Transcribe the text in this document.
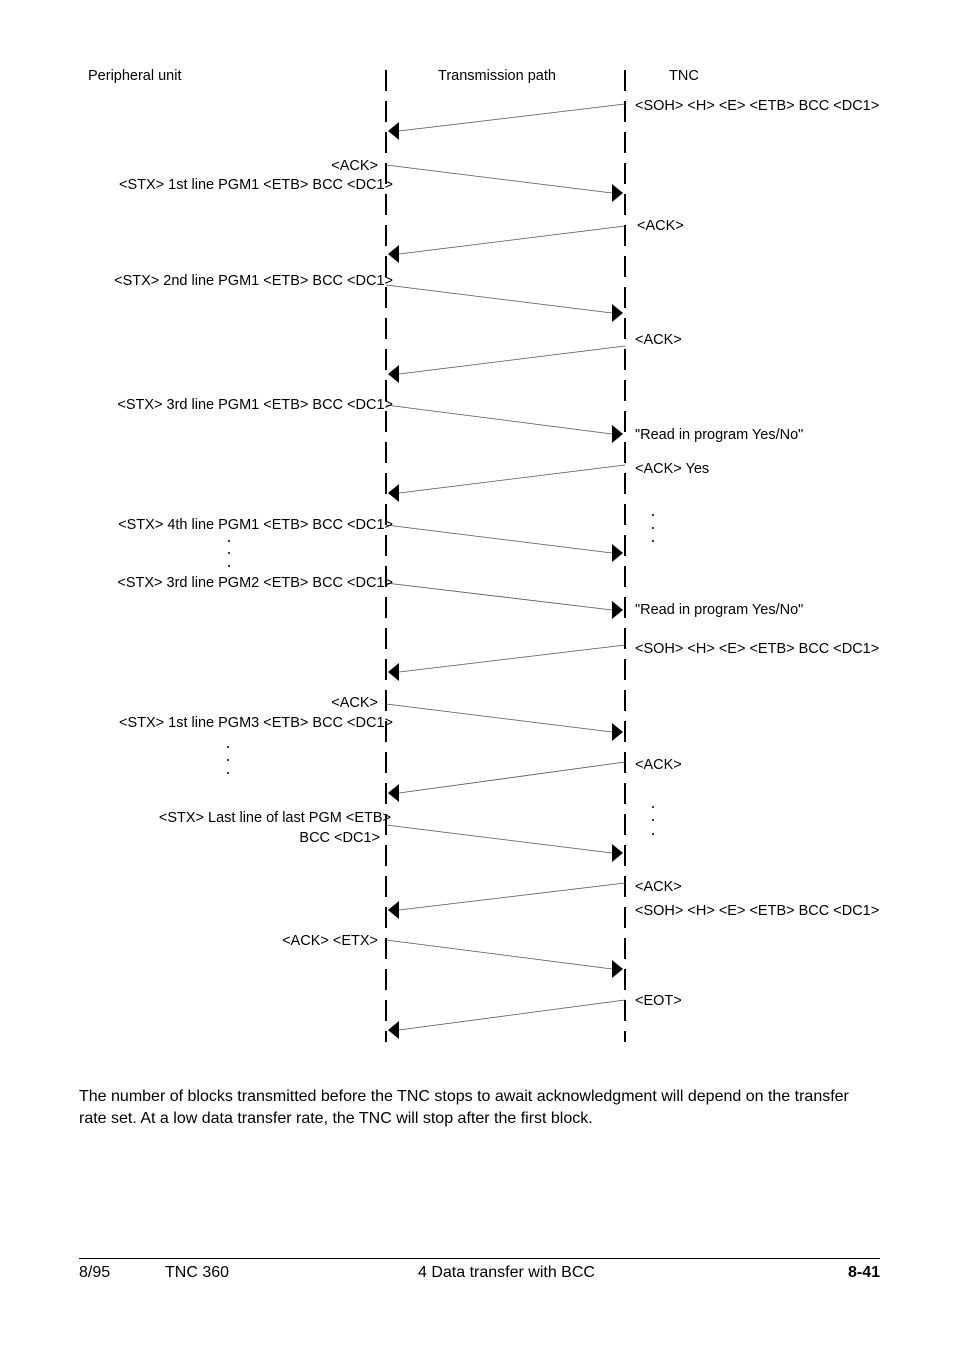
Peripheral unit	Transmission path	TNC
<ACK>
<STX> 1st line PGM1 <ETB> BCC <DC1>
<STX> 2nd line PGM1 <ETB> BCC <DC1>
<STX> 3rd line PGM1 <ETB> BCC <DC1>
<STX> 4th line PGM1 <ETB> BCC <DC1>
<STX> 3rd line PGM2 <ETB> BCC <DC1>
<ACK>
<STX> 1st line PGM3 <ETB> BCC <DC1>
<STX> Last line of last PGM <ETB>
BCC <DC1>
<ACK> <ETX>
<SOH> <H> <E> <ETB> BCC <DC1>
<ACK>
<ACK>
"Read in program Yes/No"
<ACK> Yes
"Read in program Yes/No"
<SOH> <H> <E> <ETB> BCC <DC1>
<ACK>
<ACK>
<SOH> <H> <E> <ETB> BCC <DC1>
<EOT>

The number of blocks transmitted before the TNC stops to await acknowledgment will depend on the transfer rate set. At a low data transfer rate, the TNC will stop after the first block.

8/95	TNC 360	4 Data transfer with BCC	8-41
